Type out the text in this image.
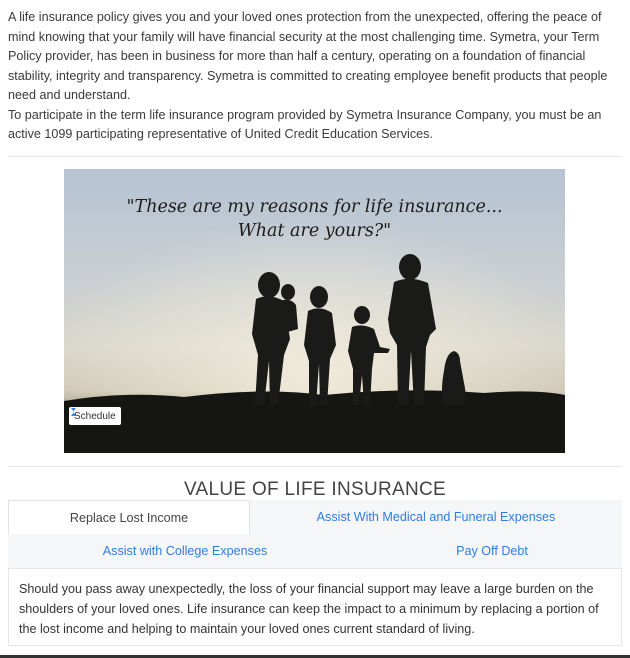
A life insurance policy gives you and your loved ones protection from the unexpected, offering the peace of mind knowing that your family will have financial security at the most challenging time. Symetra, your Term Policy provider, has been in business for more than half a century, operating on a foundation of financial stability, integrity and transparency. Symetra is committed to creating employee benefit products that people need and understand.

To participate in the term life insurance program provided by Symetra Insurance Company, you must be an active 1099 participating representative of United Credit Education Services.

"These are my reasons for life insurance...
What are yours?"
Schedule
VALUE OF LIFE INSURANCE
Replace Lost Income	Assist With Medical and Funeral Expenses
Assist with College Expenses	Pay Off Debt
Should you pass away unexpectedly, the loss of your financial support may leave a large burden on the shoulders of your loved ones. Life insurance can keep the impact to a minimum by replacing a portion of the lost income and helping to maintain your loved ones current standard of living.
